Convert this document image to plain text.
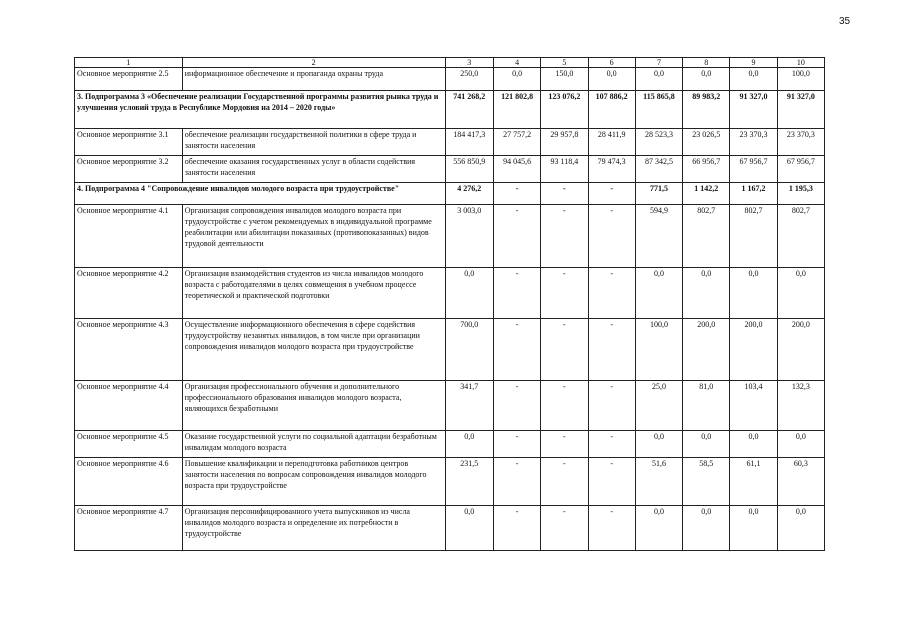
35
1	2	3	4	5	6	7	8	9	10
Основное мероприятие 2.5	информационное обеспечение и пропаганда охраны труда	250,0	0,0	150,0	0,0	0,0	0,0	0,0	100,0
3. Подпрограмма 3 «Обеспечение реализации Государственной программы развития рынка труда и улучшения условий труда в Республике Мордовия на 2014 – 2020 годы»		741 268,2	121 802,8	123 076,2	107 886,2	115 865,8	89 983,2	91 327,0	91 327,0
Основное мероприятие 3.1	обеспечение реализации государственной политики в сфере труда и занятости населения	184 417,3	27 757,2	29 957,8	28 411,9	28 523,3	23 026,5	23 370,3	23 370,3
Основное мероприятие 3.2	обеспечение оказания государственных услуг в области содействия занятости населения	556 850,9	94 045,6	93 118,4	79 474,3	87 342,5	66 956,7	67 956,7	67 956,7
4. Подпрограмма 4 "Сопровождение инвалидов молодого возраста при трудоустройстве"		4 276,2	-	-	-	771,5	1 142,2	1 167,2	1 195,3
Основное мероприятие 4.1	Организация сопровождения инвалидов молодого возраста при трудоустройстве с учетом рекомендуемых в индивидуальной программе реабилитации или абилитации показанных (противопоказанных) видов трудовой деятельности	3 003,0	-	-	-	594,9	802,7	802,7	802,7
Основное мероприятие 4.2	Организация взаимодействия студентов из числа инвалидов молодого возраста с работодателями в целях совмещения в учебном процессе теоретической и практической подготовки	0,0	-	-	-	0,0	0,0	0,0	0,0
Основное мероприятие 4.3	Осуществление информационного обеспечения в сфере содействия трудоустройству незанятых инвалидов, в том числе при организации сопровождения инвалидов молодого возраста при трудоустройстве	700,0	-	-	-	100,0	200,0	200,0	200,0
Основное мероприятие 4.4	Организация профессионального обучения и дополнительного профессионального образования инвалидов молодого возраста, являющихся безработными	341,7	-	-	-	25,0	81,0	103,4	132,3
Основное мероприятие 4.5	Оказание государственной услуги по социальной адаптации безработным инвалидам молодого возраста	0,0	-	-	-	0,0	0,0	0,0	0,0
Основное мероприятие 4.6	Повышение квалификации и переподготовка работников центров занятости населения по вопросам сопровождения инвалидов молодого возраста при трудоустройстве	231,5	-	-	-	51,6	58,5	61,1	60,3
Основное мероприятие 4.7	Организация персонифицированного учета выпускников из числа инвалидов молодого возраста и определение их потребности в трудоустройстве	0,0	-	-	-	0,0	0,0	0,0	0,0
